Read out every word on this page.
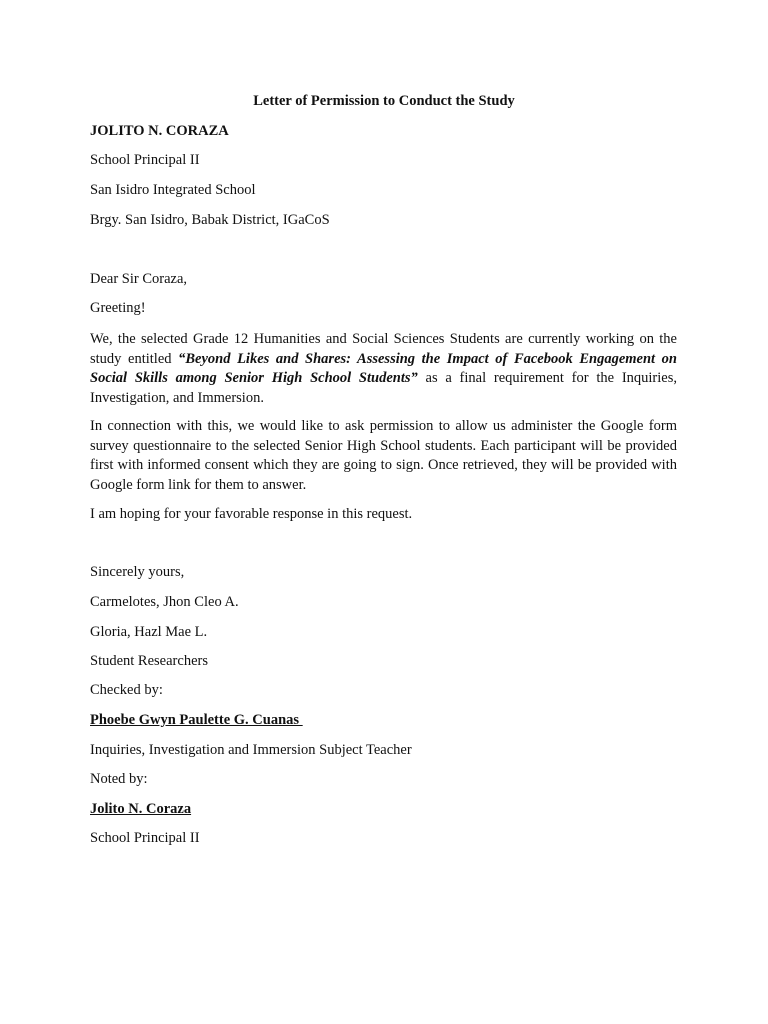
Letter of Permission to Conduct the Study
JOLITO N. CORAZA
School Principal II
San Isidro Integrated School
Brgy. San Isidro, Babak District, IGaCoS
Dear Sir Coraza,
Greeting!
We, the selected Grade 12 Humanities and Social Sciences Students are currently working on the study entitled “Beyond Likes and Shares: Assessing the Impact of Facebook Engagement on Social Skills among Senior High School Students” as a final requirement for the Inquiries, Investigation, and Immersion.
In connection with this, we would like to ask permission to allow us administer the Google form survey questionnaire to the selected Senior High School students. Each participant will be provided first with informed consent which they are going to sign. Once retrieved, they will be provided with Google form link for them to answer.
I am hoping for your favorable response in this request.
Sincerely yours,
Carmelotes, Jhon Cleo A.
Gloria, Hazl Mae L.
Student Researchers
Checked by:
Phoebe Gwyn Paulette G. Cuanas
Inquiries, Investigation and Immersion Subject Teacher
Noted by:
Jolito N. Coraza
School Principal II
